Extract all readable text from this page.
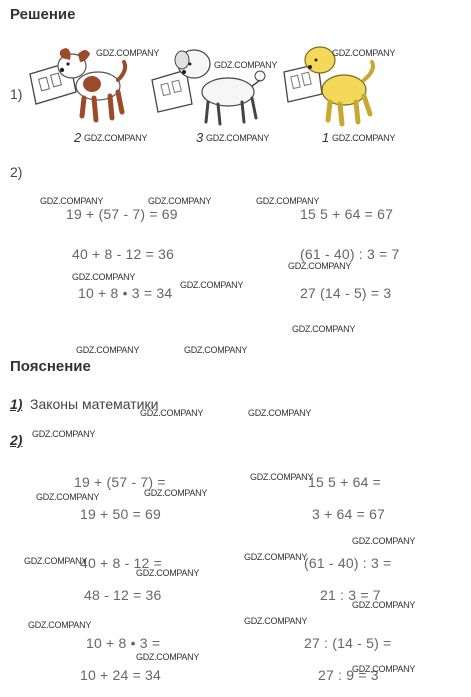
Решение
1)
2	3	1
GDZ.COMPANY
GDZ.COMPANY
GDZ.COMPANY
GDZ.COMPANY	GDZ.COMPANY	GDZ.COMPANY
2)
19 + (57 - 7) = 69
40 + 8 - 12 = 36
10 + 8 • 3 = 34
15 5 + 64 = 67
(61 - 40) : 3 = 7
27 (14 - 5) = 3
GDZ.COMPANY	GDZ.COMPANY	GDZ.COMPANY
GDZ.COMPANY
GDZ.COMPANY
GDZ.COMPANY
GDZ.COMPANY
GDZ.COMPANY	GDZ.COMPANY
Пояснение
1) Законы математики
GDZ.COMPANY	GDZ.COMPANY
2) GDZ.COMPANY
19 + (57 - 7) =
19 + 50 = 69
40 + 8 - 12 =
48 - 12 = 36
10 + 8 • 3 =
10 + 24 = 34
15 5 + 64 =
3 + 64 = 67
(61 - 40) : 3 =
21 : 3 = 7
27 : (14 - 5) =
27 : 9 = 3
GDZ.COMPANY
GDZ.COMPANY	GDZ.COMPANY
GDZ.COMPANY
GDZ.COMPANY	GDZ.COMPANY
GDZ.COMPANY
GDZ.COMPANY
GDZ.COMPANY	GDZ.COMPANY
GDZ.COMPANY
GDZ.COMPANY
